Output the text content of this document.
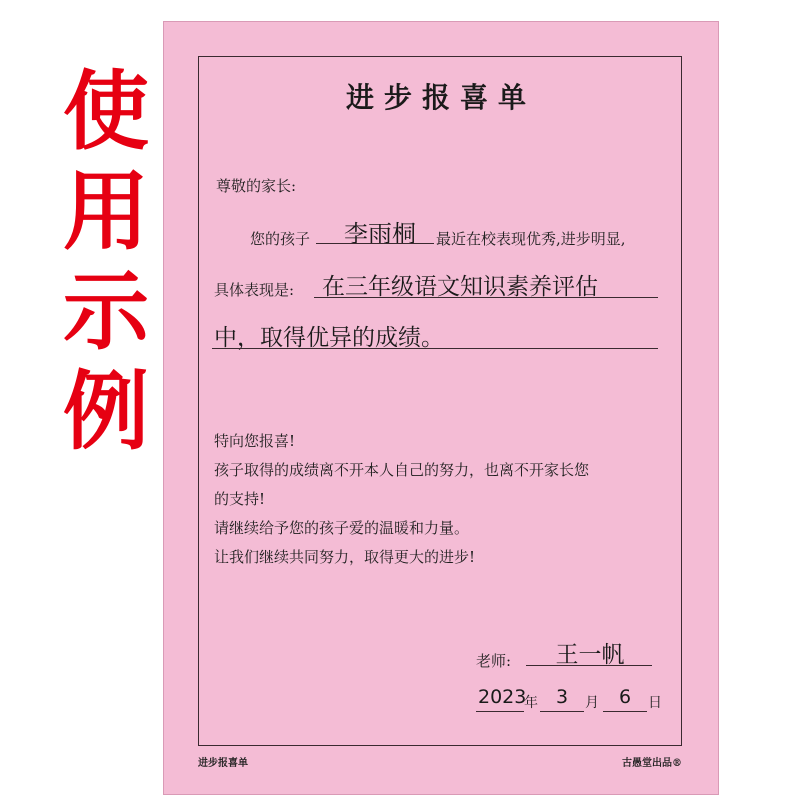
使
用
示
例
进步报喜单
尊敬的家长:
您的孩子	李雨桐	最近在校表现优秀,进步明显,
具体表现是: 在三年级语文知识素养评估
中，取得优异的成绩。
特向您报喜!
孩子取得的成绩离不开本人自己的努力，也离不开家长您
的支持!
请继续给予您的孩子爱的温暖和力量。
让我们继续共同努力，取得更大的进步!
老师:	王一帆
2023
年 3	月	6	日
进步报喜单	古愚堂出品®
